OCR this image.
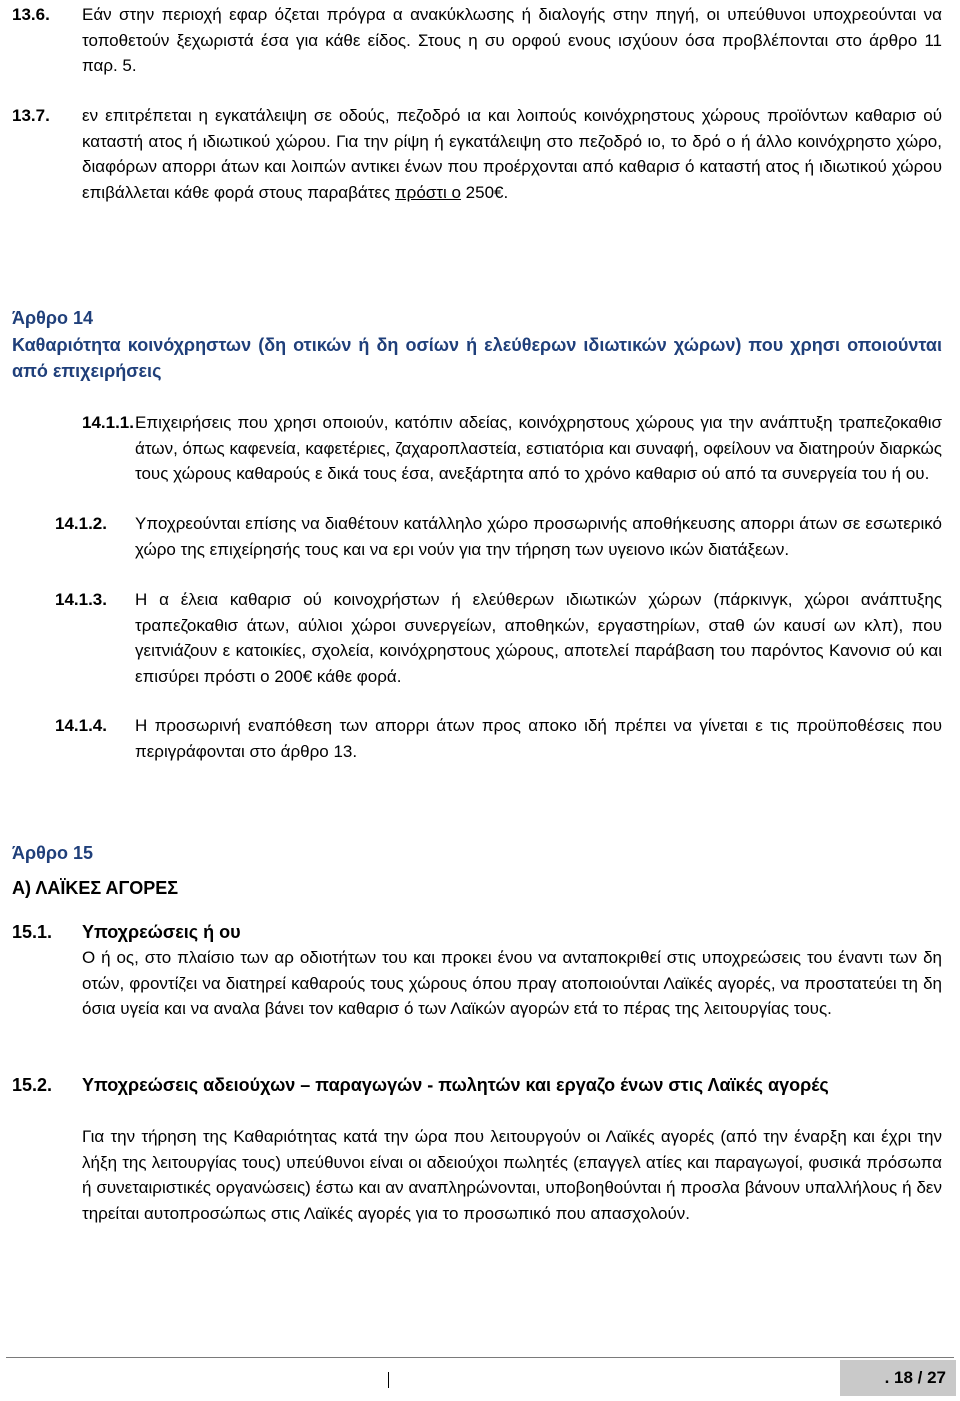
13.6. Εάν στην περιοχή εφαρ όζεται πρόγρα α ανακύκλωσης ή διαλογής στην πηγή, οι υπεύθυνοι υποχρεούνται να τοποθετούν ξεχωριστά έσα για κάθε είδος. Στους η συ ορφού ενους ισχύουν όσα προβλέπονται στο άρθρο 11 παρ. 5.
13.7. εν επιτρέπεται η εγκατάλειψη σε οδούς, πεζοδρό ια και λοιπούς κοινόχρηστους χώρους προϊόντων καθαρισ ού καταστή ατος ή ιδιωτικού χώρου. Για την ρίψη ή εγκατάλειψη στο πεζοδρό ιο, το δρό ο ή άλλο κοινόχρηστο χώρο, διαφόρων απορρι άτων και λοιπών αντικει ένων που προέρχονται από καθαρισ ό καταστή ατος ή ιδιωτικού χώρου επιβάλλεται κάθε φορά στους παραβάτες πρόστι ο 250€.
Άρθρο 14
Καθαριότητα κοινόχρηστων (δη οτικών ή δη οσίων ή ελεύθερων ιδιωτικών χώρων) που χρησι οποιούνται από επιχειρήσεις
14.1.1. Επιχειρήσεις που χρησι οποιούν, κατόπιν αδείας, κοινόχρηστους χώρους για την ανάπτυξη τραπεζοκαθισ άτων, όπως καφενεία, καφετέριες, ζαχαροπλαστεία, εστιατόρια και συναφή, οφείλουν να διατηρούν διαρκώς τους χώρους καθαρούς ε δικά τους έσα, ανεξάρτητα από το χρόνο καθαρισ ού από τα συνεργεία του ή ου.
14.1.2. Υποχρεούνται επίσης να διαθέτουν κατάλληλο χώρο προσωρινής αποθήκευσης απορρι άτων σε εσωτερικό χώρο της επιχείρησής τους και να ερι νούν για την τήρηση των υγειονο ικών διατάξεων.
14.1.3. Η α έλεια καθαρισ ού κοινοχρήστων ή ελεύθερων ιδιωτικών χώρων (πάρκινγκ, χώροι ανάπτυξης τραπεζοκαθισ άτων, αύλιοι χώροι συνεργείων, αποθηκών, εργαστηρίων, σταθ ών καυσί ων κλπ), που γειτνιάζουν ε κατοικίες, σχολεία, κοινόχρηστους χώρους, αποτελεί παράβαση του παρόντος Κανονισ ού και επισύρει πρόστι ο 200€ κάθε φορά.
14.1.4. Η προσωρινή εναπόθεση των απορρι άτων προς αποκο ιδή πρέπει να γίνεται ε τις προϋποθέσεις που περιγράφονται στο άρθρο 13.
Άρθρο 15
Α) ΛΑΪΚΕΣ ΑΓΟΡΕΣ
15.1. Υποχρεώσεις ή ου
Ο ή ος, στο πλαίσιο των αρ οδιοτήτων του και προκει ένου να ανταποκριθεί στις υποχρεώσεις του έναντι των δη οτών, φροντίζει να διατηρεί καθαρούς τους χώρους όπου πραγ ατοποιούνται Λαϊκές αγορές, να προστατεύει τη δη όσια υγεία και να αναλα βάνει τον καθαρισ ό των Λαϊκών αγορών ετά το πέρας της λειτουργίας τους.
15.2. Υποχρεώσεις αδειούχων – παραγωγών - πωλητών και εργαζο ένων στις Λαϊκές αγορές
Για την τήρηση της Καθαριότητας κατά την ώρα που λειτουργούν οι Λαϊκές αγορές (από την έναρξη και έχρι την λήξη της λειτουργίας τους) υπεύθυνοι είναι οι αδειούχοι πωλητές (επαγγελ ατίες και παραγωγοί, φυσικά πρόσωπα ή συνεταιριστικές οργανώσεις) έστω και αν αναπληρώνονται, υποβοηθούνται ή προσλα βάνουν υπαλλήλους ή δεν τηρείται αυτοπροσώπως στις Λαϊκές αγορές για το προσωπικό που απασχολούν.
. 18 / 27
